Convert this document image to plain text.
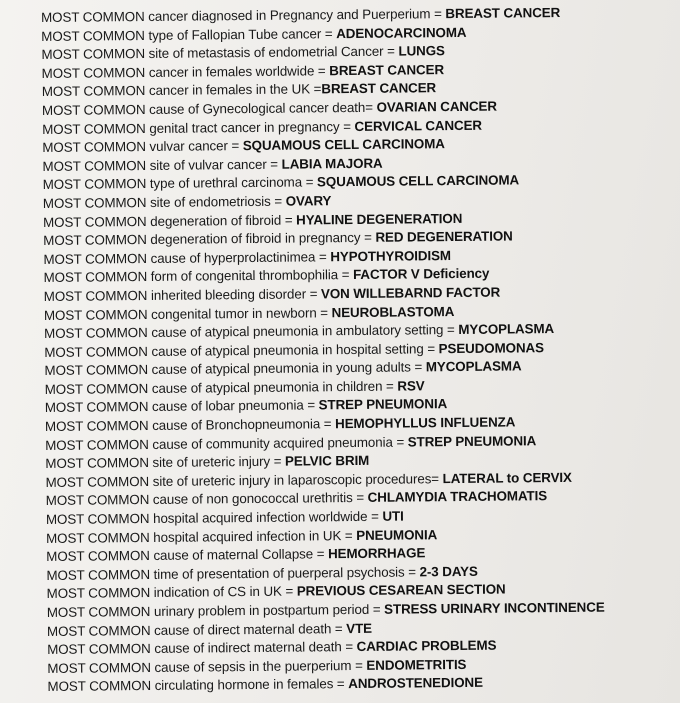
MOST COMMON cancer diagnosed in Pregnancy and Puerperium = BREAST CANCER
MOST COMMON type of Fallopian Tube cancer = ADENOCARCINOMA
MOST COMMON site of metastasis of endometrial Cancer = LUNGS
MOST COMMON cancer in females worldwide = BREAST CANCER
MOST COMMON cancer in females in the UK =BREAST CANCER
MOST COMMON cause of Gynecological cancer death= OVARIAN CANCER
MOST COMMON genital tract cancer in pregnancy = CERVICAL CANCER
MOST COMMON vulvar cancer = SQUAMOUS CELL CARCINOMA
MOST COMMON site of vulvar cancer = LABIA MAJORA
MOST COMMON type of urethral carcinoma = SQUAMOUS CELL CARCINOMA
MOST COMMON site of endometriosis = OVARY
MOST COMMON degeneration of fibroid = HYALINE DEGENERATION
MOST COMMON degeneration of fibroid in pregnancy = RED DEGENERATION
MOST COMMON cause of hyperprolactinimea = HYPOTHYROIDISM
MOST COMMON form of congenital thrombophilia = FACTOR V Deficiency
MOST COMMON inherited bleeding disorder = VON WILLEBARND FACTOR
MOST COMMON congenital tumor in newborn = NEUROBLASTOMA
MOST COMMON cause of atypical pneumonia in ambulatory setting = MYCOPLASMA
MOST COMMON cause of atypical pneumonia in hospital setting = PSEUDOMONAS
MOST COMMON cause of atypical pneumonia in young adults = MYCOPLASMA
MOST COMMON cause of atypical pneumonia in children = RSV
MOST COMMON cause of lobar pneumonia = STREP PNEUMONIA
MOST COMMON cause of Bronchopneumonia = HEMOPHYLLUS INFLUENZA
MOST COMMON cause of community acquired pneumonia = STREP PNEUMONIA
MOST COMMON site of ureteric injury = PELVIC BRIM
MOST COMMON site of ureteric injury in laparoscopic procedures= LATERAL to CERVIX
MOST COMMON cause of non gonococcal urethritis = CHLAMYDIA TRACHOMATIS
MOST COMMON hospital acquired infection worldwide = UTI
MOST COMMON hospital acquired infection in UK = PNEUMONIA
MOST COMMON cause of maternal Collapse = HEMORRHAGE
MOST COMMON time of presentation of puerperal psychosis = 2-3 DAYS
MOST COMMON indication of CS in UK = PREVIOUS CESAREAN SECTION
MOST COMMON urinary problem in postpartum period = STRESS URINARY INCONTINENCE
MOST COMMON cause of direct maternal death = VTE
MOST COMMON cause of indirect maternal death = CARDIAC PROBLEMS
MOST COMMON cause of sepsis in the puerperium = ENDOMETRITIS
MOST COMMON circulating hormone in females = ANDROSTENEDIONE
